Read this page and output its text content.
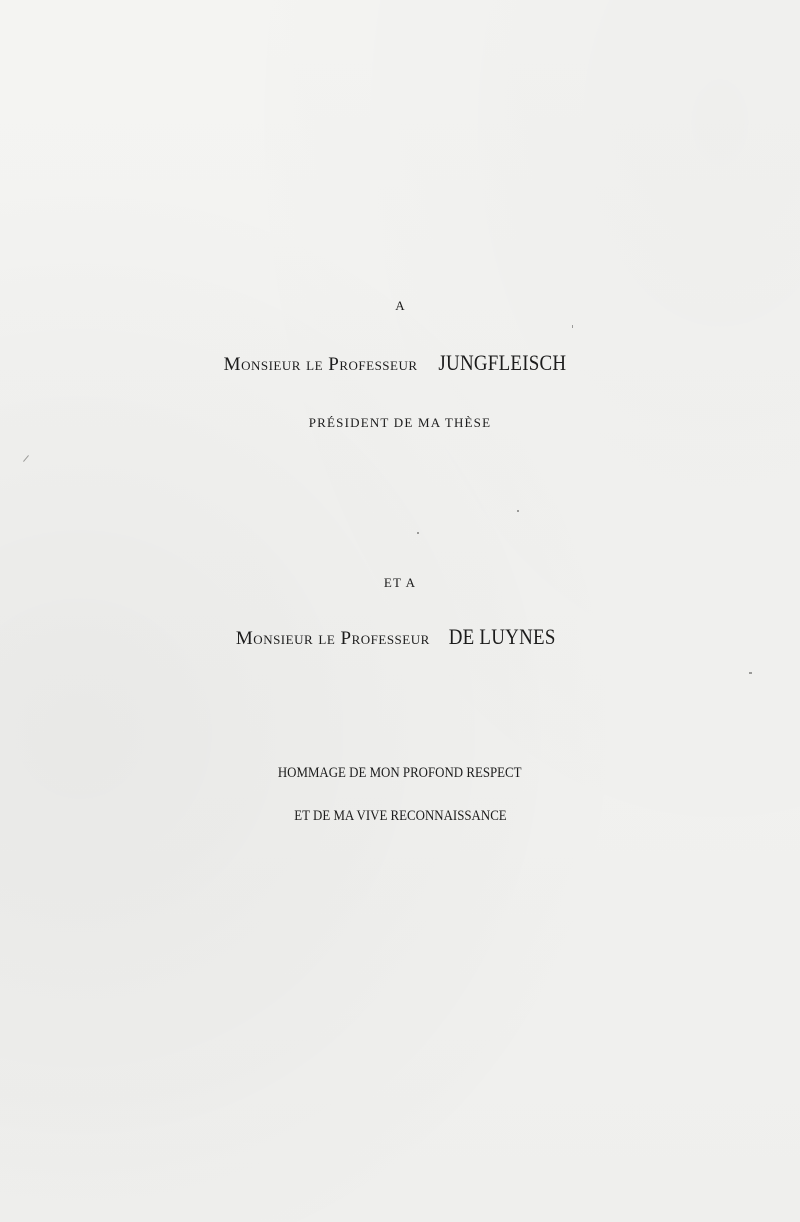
A
Monsieur le Professeur JUNGFLEISCH
PRÉSIDENT DE MA THÈSE
ET A
Monsieur le Professeur DE LUYNES
HOMMAGE DE MON PROFOND RESPECT
ET DE MA VIVE RECONNAISSANCE
